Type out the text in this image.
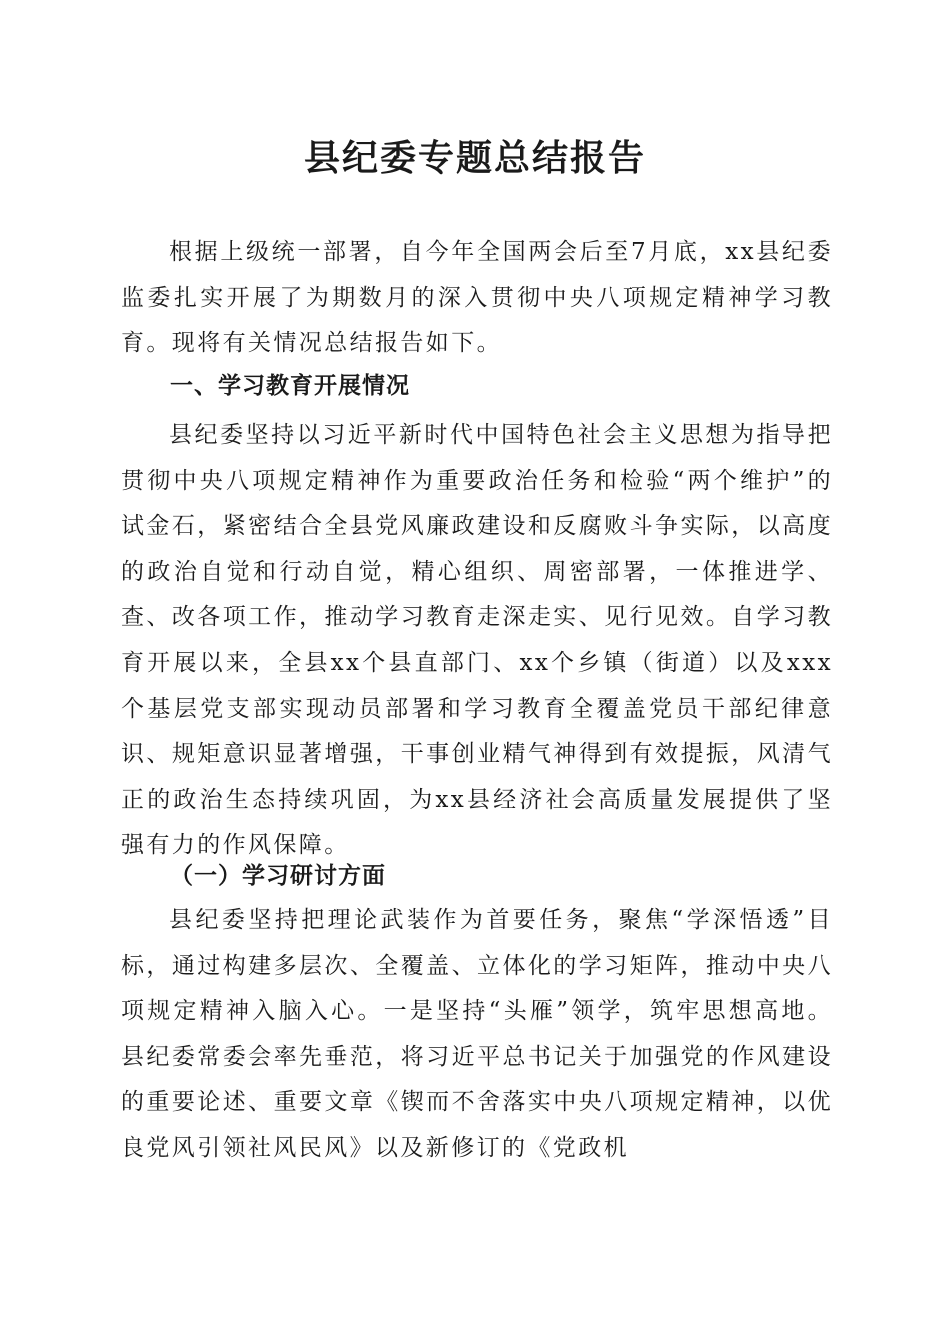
县纪委专题总结报告

根据上级统一部署，自今年全国两会后至7月底，xx县纪委监委扎实开展了为期数月的深入贯彻中央八项规定精神学习教育。现将有关情况总结报告如下。

一、学习教育开展情况

县纪委坚持以习近平新时代中国特色社会主义思想为指导把贯彻中央八项规定精神作为重要政治任务和检验“两个维护”的试金石，紧密结合全县党风廉政建设和反腐败斗争实际，以高度的政治自觉和行动自觉，精心组织、周密部署，一体推进学、查、改各项工作，推动学习教育走深走实、见行见效。自学习教育开展以来，全县xx个县直部门、xx个乡镇（街道）以及xxx个基层党支部实现动员部署和学习教育全覆盖党员干部纪律意识、规矩意识显著增强，干事创业精气神得到有效提振，风清气正的政治生态持续巩固，为xx县经济社会高质量发展提供了坚强有力的作风保障。

（一）学习研讨方面

县纪委坚持把理论武装作为首要任务，聚焦“学深悟透”目标，通过构建多层次、全覆盖、立体化的学习矩阵，推动中央八项规定精神入脑入心。一是坚持“头雁”领学，筑牢思想高地。县纪委常委会率先垂范，将习近平总书记关于加强党的作风建设的重要论述、重要文章《锲而不舍落实中央八项规定精神，以优良党风引领社风民风》以及新修订的《党政机
